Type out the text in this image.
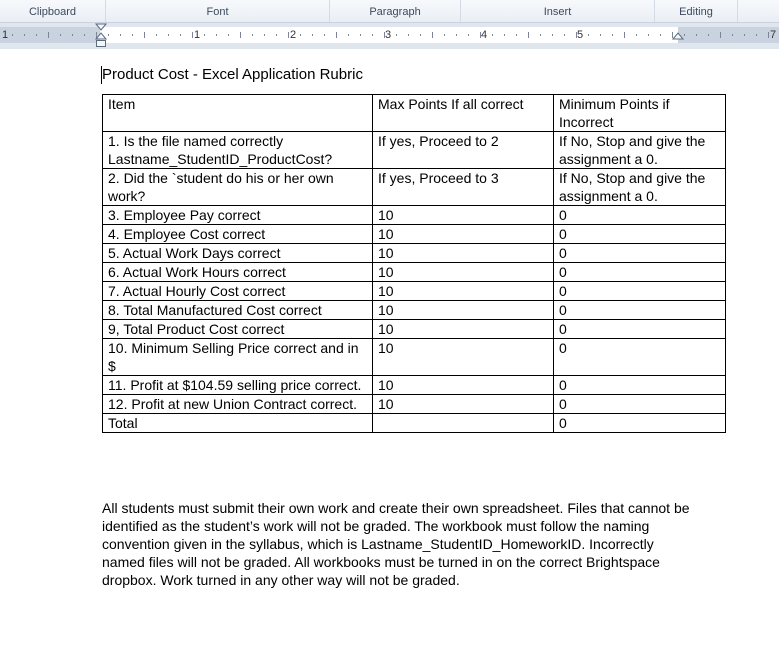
Clipboard	Font	Paragraph	Insert	Editing
1	1	2	3	4	5	7
Product Cost - Excel Application Rubric
Item	Max Points If all correct	Minimum Points if Incorrect
1. Is the file named correctly Lastname_StudentID_ProductCost?	If yes, Proceed to 2	If No, Stop and give the assignment a 0.
2. Did the `student do his or her own work?	If yes, Proceed to 3	If No, Stop and give the assignment a 0.
3. Employee Pay correct	10	0
4. Employee Cost correct	10	0
5. Actual Work Days correct	10	0
6. Actual Work Hours correct	10	0
7. Actual Hourly Cost correct	10	0
8. Total Manufactured Cost correct	10	0
9, Total Product Cost correct	10	0
10. Minimum Selling Price correct and in $	10	0
11. Profit at $104.59 selling price correct.	10	0
12. Profit at new Union Contract correct.	10	0
Total		0
All students must submit their own work and create their own spreadsheet. Files that cannot be identified as the student’s work will not be graded. The workbook must follow the naming convention given in the syllabus, which is Lastname_StudentID_HomeworkID. Incorrectly named files will not be graded. All workbooks must be turned in on the correct Brightspace dropbox. Work turned in any other way will not be graded.
